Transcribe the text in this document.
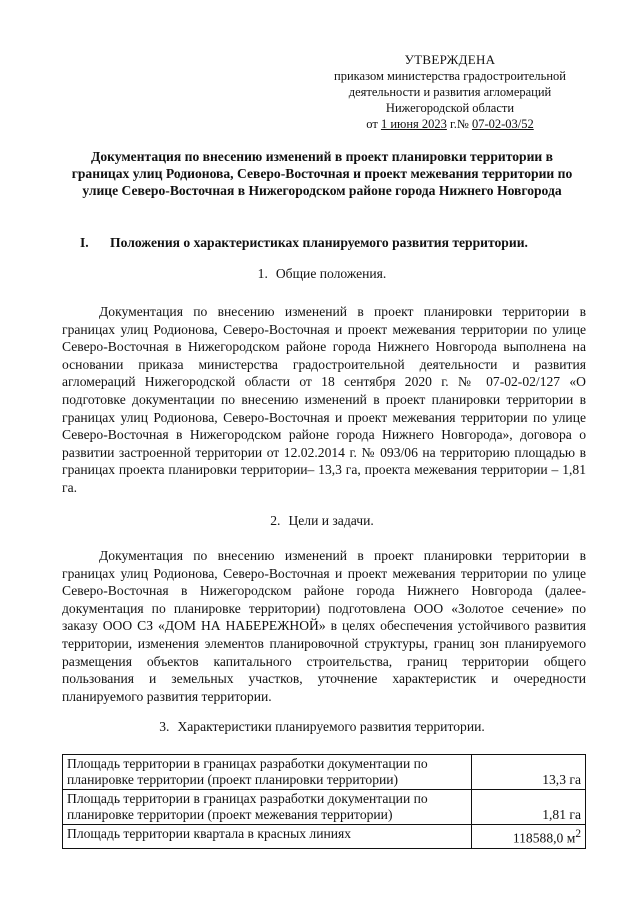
УТВЕРЖДЕНА
приказом министерства градостроительной
деятельности и развития агломераций
Нижегородской области
от 1 июня 2023 г.№ 07-02-03/52
Документация по внесению изменений в проект планировки территории в границах улиц Родионова, Северо-Восточная и проект межевания территории по улице Северо-Восточная в Нижегородском районе города Нижнего Новгорода
I. Положения о характеристиках планируемого развития территории.
1. Общие положения.
Документация по внесению изменений в проект планировки территории в границах улиц Родионова, Северо-Восточная и проект межевания территории по улице Северо-Восточная в Нижегородском районе города Нижнего Новгорода выполнена на основании приказа министерства градостроительной деятельности и развития агломераций Нижегородской области от 18 сентября 2020 г. № 07-02-02/127 «О подготовке документации по внесению изменений в проект планировки территории в границах улиц Родионова, Северо-Восточная и проект межевания территории по улице Северо-Восточная в Нижегородском районе города Нижнего Новгорода», договора о развитии застроенной территории от 12.02.2014 г. № 093/06 на территорию площадью в границах проекта планировки территории– 13,3 га, проекта межевания территории – 1,81 га.
2. Цели и задачи.
Документация по внесению изменений в проект планировки территории в границах улиц Родионова, Северо-Восточная и проект межевания территории по улице Северо-Восточная в Нижегородском районе города Нижнего Новгорода (далее-документация по планировке территории) подготовлена ООО «Золотое сечение» по заказу ООО СЗ «ДОМ НА НАБЕРЕЖНОЙ» в целях обеспечения устойчивого развития территории, изменения элементов планировочной структуры, границ зон планируемого размещения объектов капитального строительства, границ территории общего пользования и земельных участков, уточнение характеристик и очередности планируемого развития территории.
3. Характеристики планируемого развития территории.
Площадь территории в границах разработки документации по планировке территории (проект планировки территории)	13,3 га
Площадь территории в границах разработки документации по планировке территории (проект межевания территории)	1,81 га
Площадь территории квартала в красных линиях	118588,0 $м^2$
